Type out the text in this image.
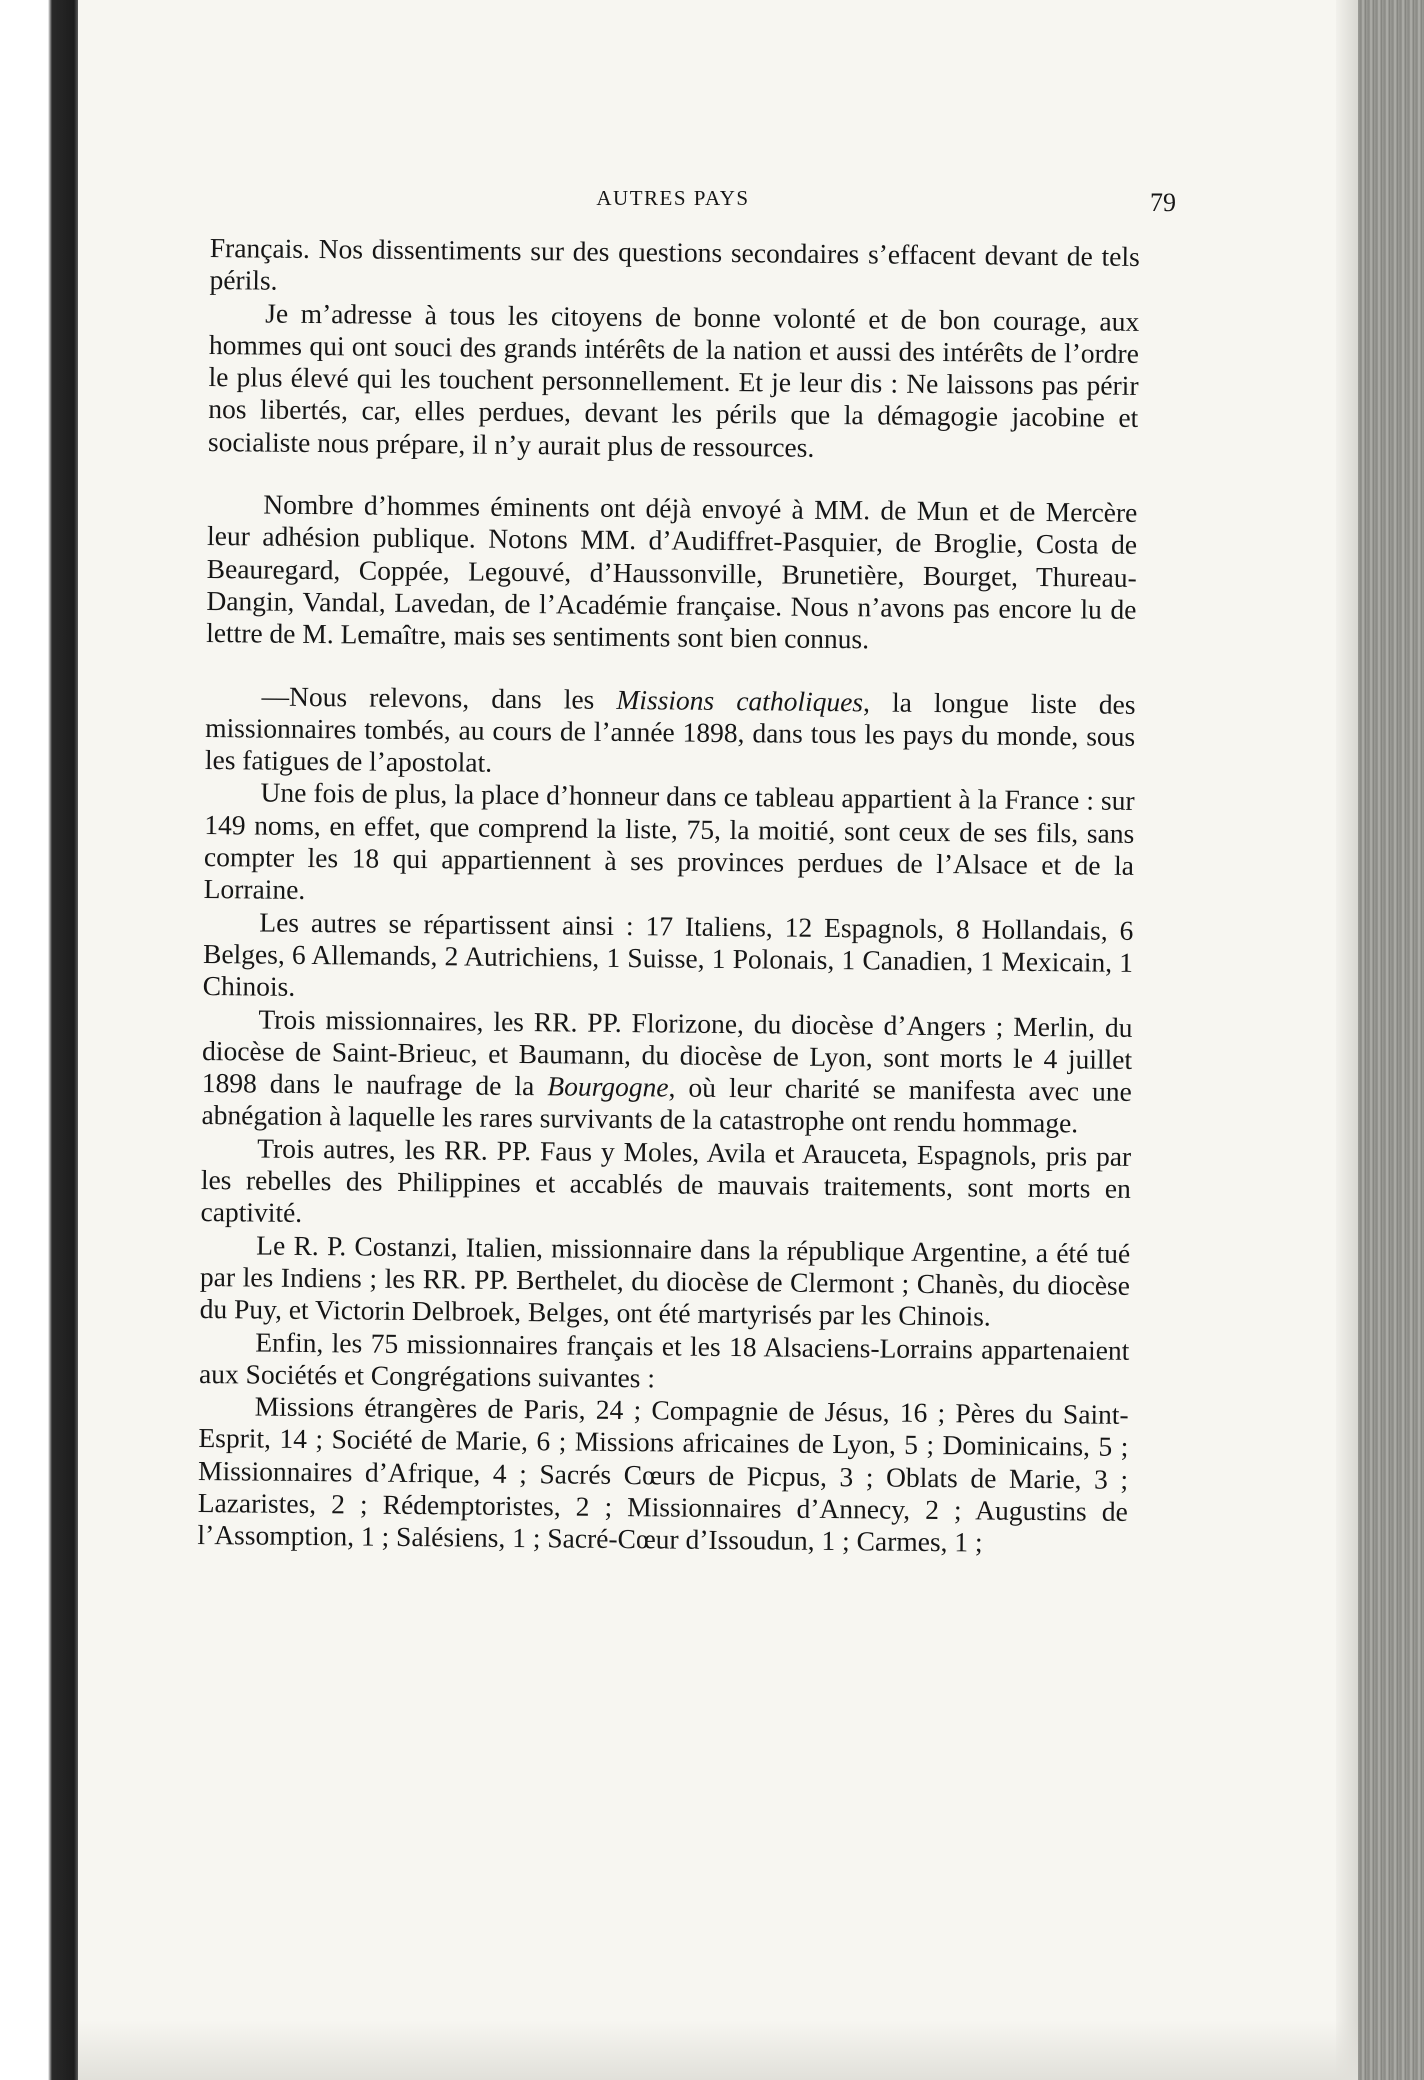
AUTRES PAYS	79

Français. Nos dissentiments sur des questions secondaires s’effacent devant de tels périls.

Je m’adresse à tous les citoyens de bonne volonté et de bon courage, aux hommes qui ont souci des grands intérêts de la nation et aussi des intérêts de l’ordre le plus élevé qui les touchent personnellement. Et je leur dis : Ne laissons pas périr nos libertés, car, elles perdues, devant les périls que la démagogie jacobine et socialiste nous prépare, il n’y aurait plus de ressources.

Nombre d’hommes éminents ont déjà envoyé à MM. de Mun et de Mercère leur adhésion publique. Notons MM. d’Audiffret-Pasquier, de Broglie, Costa de Beauregard, Coppée, Legouvé, d’Haussonville, Brunetière, Bourget, Thureau-Dangin, Vandal, Lavedan, de l’Académie française. Nous n’avons pas encore lu de lettre de M. Lemaître, mais ses sentiments sont bien connus.

—Nous relevons, dans les Missions catholiques, la longue liste des missionnaires tombés, au cours de l’année 1898, dans tous les pays du monde, sous les fatigues de l’apostolat.

Une fois de plus, la place d’honneur dans ce tableau appartient à la France : sur 149 noms, en effet, que comprend la liste, 75, la moitié, sont ceux de ses fils, sans compter les 18 qui appartiennent à ses provinces perdues de l’Alsace et de la Lorraine.

Les autres se répartissent ainsi : 17 Italiens, 12 Espagnols, 8 Hollandais, 6 Belges, 6 Allemands, 2 Autrichiens, 1 Suisse, 1 Polonais, 1 Canadien, 1 Mexicain, 1 Chinois.

Trois missionnaires, les RR. PP. Florizone, du diocèse d’Angers ; Merlin, du diocèse de Saint-Brieuc, et Baumann, du diocèse de Lyon, sont morts le 4 juillet 1898 dans le naufrage de la Bourgogne, où leur charité se manifesta avec une abnégation à laquelle les rares survivants de la catastrophe ont rendu hommage.

Trois autres, les RR. PP. Faus y Moles, Avila et Arauceta, Espagnols, pris par les rebelles des Philippines et accablés de mauvais traitements, sont morts en captivité.

Le R. P. Costanzi, Italien, missionnaire dans la république Argentine, a été tué par les Indiens ; les RR. PP. Berthelet, du diocèse de Clermont ; Chanès, du diocèse du Puy, et Victorin Delbroek, Belges, ont été martyrisés par les Chinois.

Enfin, les 75 missionnaires français et les 18 Alsaciens-Lorrains appartenaient aux Sociétés et Congrégations suivantes :

Missions étrangères de Paris, 24 ; Compagnie de Jésus, 16 ; Pères du Saint-Esprit, 14 ; Société de Marie, 6 ; Missions africaines de Lyon, 5 ; Dominicains, 5 ; Missionnaires d’Afrique, 4 ; Sacrés Cœurs de Picpus, 3 ; Oblats de Marie, 3 ; Lazaristes, 2 ; Rédemptoristes, 2 ; Missionnaires d’Annecy, 2 ; Augustins de l’Assomption, 1 ; Salésiens, 1 ; Sacré-Cœur d’Issoudun, 1 ; Carmes, 1 ;
